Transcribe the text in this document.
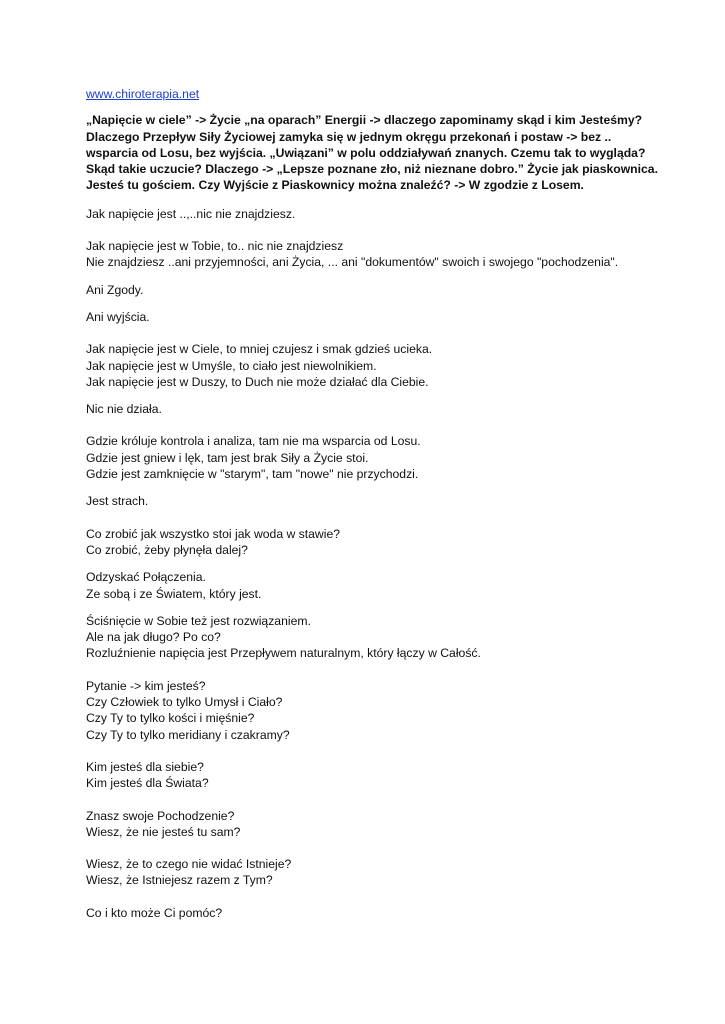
www.chiroterapia.net
„Napięcie w ciele” -> Życie „na oparach” Energii -> dlaczego zapominamy skąd i kim Jesteśmy?
Dlaczego Przepływ Siły Życiowej zamyka się w jednym okręgu przekonań i postaw -> bez ..
wsparcia od Losu, bez wyjścia. „Uwiązani” w polu oddziaływań znanych. Czemu tak to wygląda?
Skąd takie uczucie? Dlaczego -> „Lepsze poznane zło, niż nieznane dobro.” Życie jak piaskownica.
Jesteś tu gościem. Czy Wyjście z Piaskownicy można znaleźć? -> W zgodzie z Losem.
Jak napięcie jest ..,..nic nie znajdziesz.
Jak napięcie jest w Tobie, to.. nic nie znajdziesz
Nie znajdziesz ..ani przyjemności, ani Życia, ... ani "dokumentów" swoich i swojego "pochodzenia".
Ani Zgody.
Ani wyjścia.
Jak napięcie jest w Ciele, to mniej czujesz i smak gdzieś ucieka.
Jak napięcie jest w Umyśle, to ciało jest niewolnikiem.
Jak napięcie jest w Duszy, to Duch nie może działać dla Ciebie.
Nic nie działa.
Gdzie króluje kontrola i analiza, tam nie ma wsparcia od Losu.
Gdzie jest gniew i lęk, tam jest brak Siły a Życie stoi.
Gdzie jest zamknięcie w "starym", tam "nowe" nie przychodzi.
Jest strach.
Co zrobić jak wszystko stoi jak woda w stawie?
Co zrobić, żeby płynęła dalej?
Odzyskać Połączenia.
Ze sobą i ze Światem, który jest.
Ściśnięcie w Sobie też jest rozwiązaniem.
Ale na jak długo? Po co?
Rozluźnienie napięcia jest Przepływem naturalnym, który łączy w Całość.
Pytanie -> kim jesteś?
Czy Człowiek to tylko Umysł i Ciało?
Czy Ty to tylko kości i mięśnie?
Czy Ty to tylko meridiany i czakramy?
Kim jesteś dla siebie?
Kim jesteś dla Świata?
Znasz swoje Pochodzenie?
Wiesz, że nie jesteś tu sam?
Wiesz, że to czego nie widać Istnieje?
Wiesz, że Istniejesz razem z Tym?
Co i kto może Ci pomóc?
